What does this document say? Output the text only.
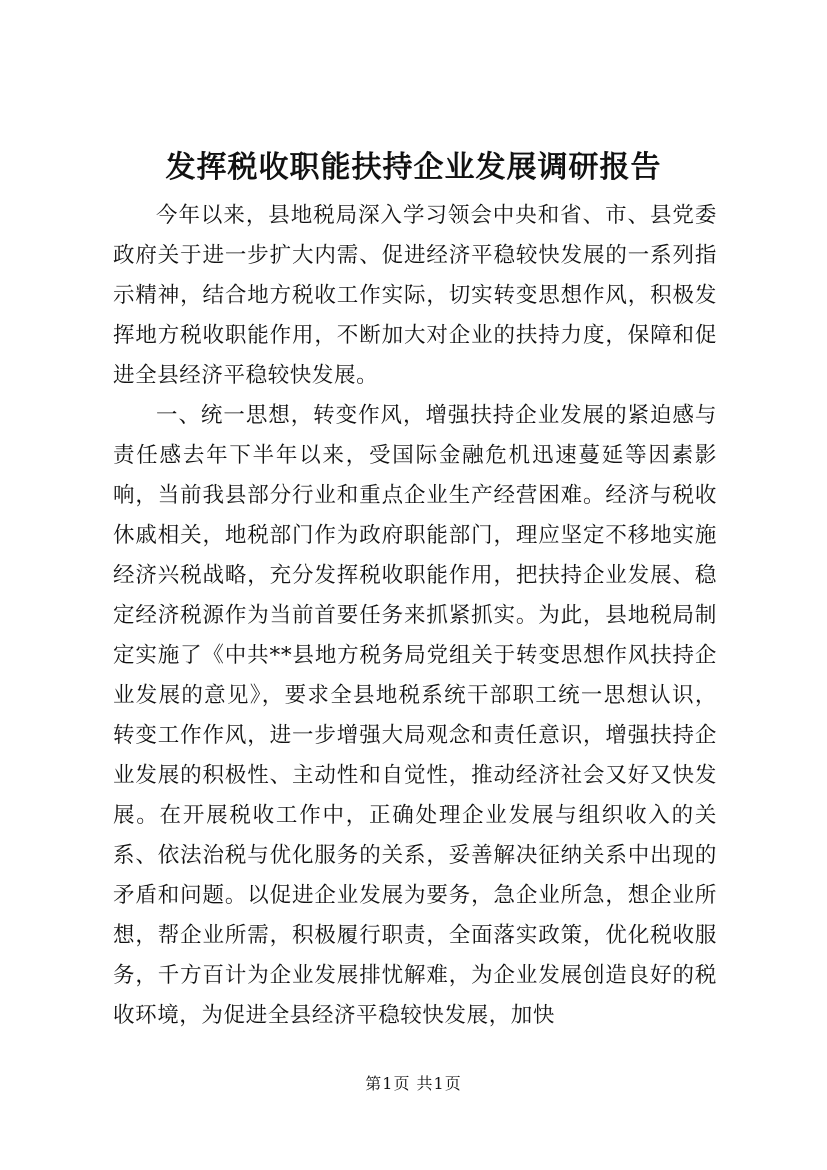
发挥税收职能扶持企业发展调研报告

今年以来，县地税局深入学习领会中央和省、市、县党委政府关于进一步扩大内需、促进经济平稳较快发展的一系列指示精神，结合地方税收工作实际，切实转变思想作风，积极发挥地方税收职能作用，不断加大对企业的扶持力度，保障和促进全县经济平稳较快发展。

一、统一思想，转变作风，增强扶持企业发展的紧迫感与责任感去年下半年以来，受国际金融危机迅速蔓延等因素影响，当前我县部分行业和重点企业生产经营困难。经济与税收休戚相关，地税部门作为政府职能部门，理应坚定不移地实施经济兴税战略，充分发挥税收职能作用，把扶持企业发展、稳定经济税源作为当前首要任务来抓紧抓实。为此，县地税局制定实施了《中共**县地方税务局党组关于转变思想作风扶持企业发展的意见》，要求全县地税系统干部职工统一思想认识，转变工作作风，进一步增强大局观念和责任意识，增强扶持企业发展的积极性、主动性和自觉性，推动经济社会又好又快发展。在开展税收工作中，正确处理企业发展与组织收入的关系、依法治税与优化服务的关系，妥善解决征纳关系中出现的矛盾和问题。以促进企业发展为要务，急企业所急，想企业所想，帮企业所需，积极履行职责，全面落实政策，优化税收服务，千方百计为企业发展排忧解难，为企业发展创造良好的税收环境，为促进全县经济平稳较快发展，加快

第1页 共1页
